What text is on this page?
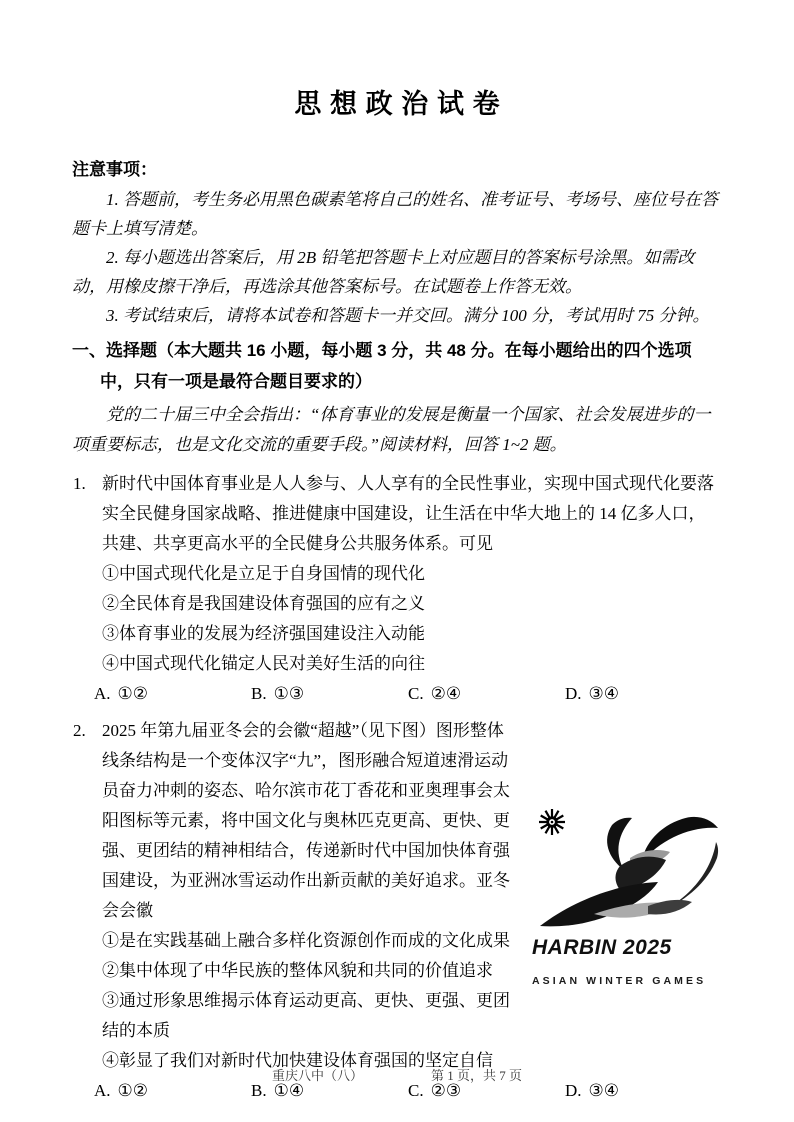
思想政治试卷
注意事项：

1. 答题前，考生务必用黑色碳素笔将自己的姓名、准考证号、考场号、座位号在答题卡上填写清楚。

2. 每小题选出答案后，用 2B 铅笔把答题卡上对应题目的答案标号涂黑。如需改动，用橡皮擦干净后，再选涂其他答案标号。在试题卷上作答无效。

3. 考试结束后，请将本试卷和答题卡一并交回。满分 100 分，考试用时 75 分钟。

一、选择题（本大题共 16 小题，每小题 3 分，共 48 分。在每小题给出的四个选项中，只有一项是最符合题目要求的）

党的二十届三中全会指出：“体育事业的发展是衡量一个国家、社会发展进步的一项重要标志，也是文化交流的重要手段。”阅读材料，回答 1~2 题。

1. 新时代中国体育事业是人人参与、人人享有的全民性事业，实现中国式现代化要落实全民健身国家战略、推进健康中国建设，让生活在中华大地上的 14 亿多人口，共建、共享更高水平的全民健身公共服务体系。可见

①中国式现代化是立足于自身国情的现代化
②全民体育是我国建设体育强国的应有之义
③体育事业的发展为经济强国建设注入动能
④中国式现代化锚定人民对美好生活的向往
A. ①②	B. ①③	C. ②④	D. ③④
2.
HARBIN 2025
ASIAN WINTER GAMES

2025 年第九届亚冬会的会徽“超越”（见下图）图形整体线条结构是一个变体汉字“九”，图形融合短道速滑运动员奋力冲刺的姿态、哈尔滨市花丁香花和亚奥理事会太阳图标等元素，将中国文化与奥林匹克更高、更快、更强、更团结的精神相结合，传递新时代中国加快体育强国建设，为亚洲冰雪运动作出新贡献的美好追求。亚冬会会徽

①是在实践基础上融合多样化资源创作而成的文化成果
②集中体现了中华民族的整体风貌和共同的价值追求
③通过形象思维揭示体育运动更高、更快、更强、更团结的本质
④彰显了我们对新时代加快建设体育强国的坚定自信
A. ①②	B. ①④	C. ②③	D. ③④
重庆八中（八）	第 1 页，共 7 页
